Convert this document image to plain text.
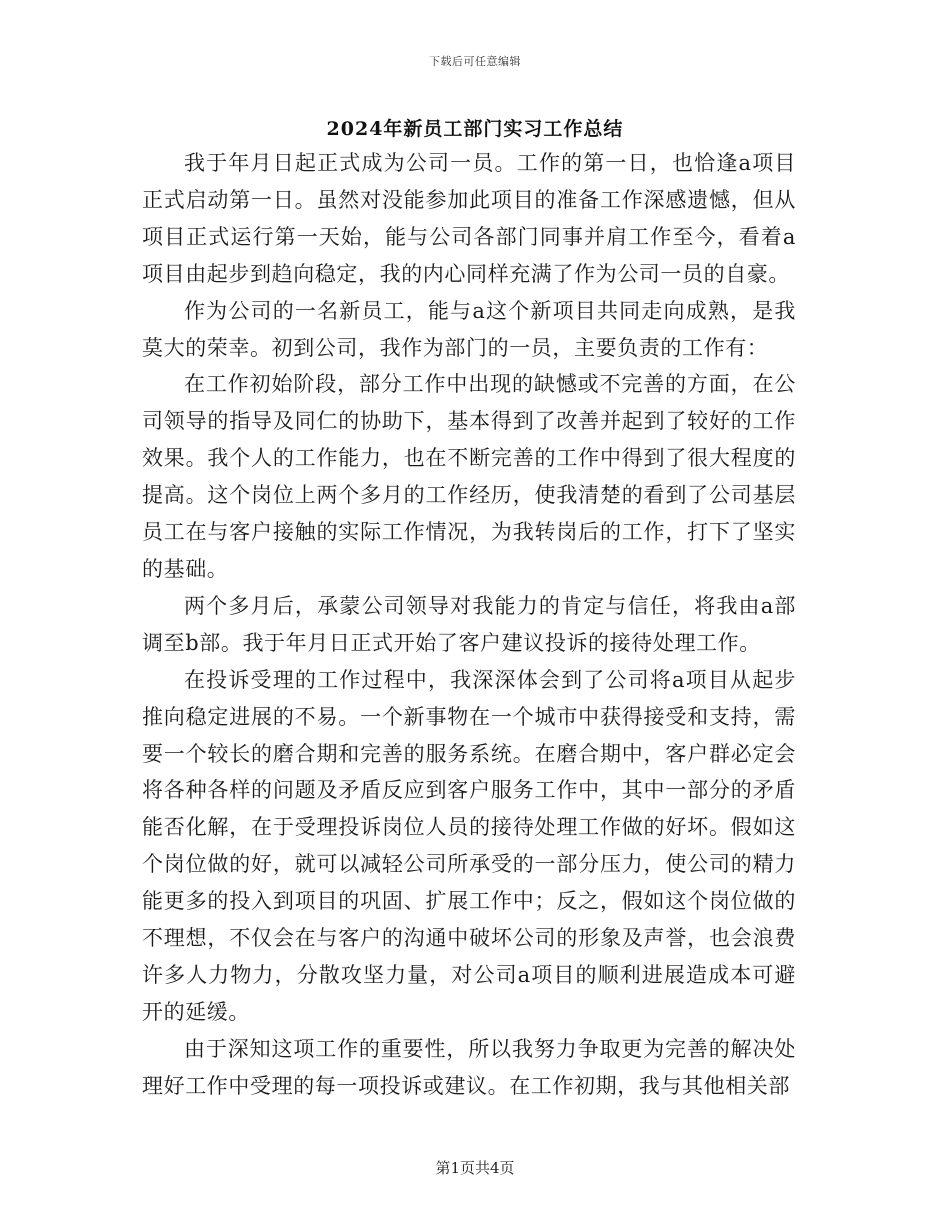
下载后可任意编辑
2024年新员工部门实习工作总结

我于年月日起正式成为公司一员。工作的第一日，也恰逢a项目正式启动第一日。虽然对没能参加此项目的准备工作深感遗憾，但从项目正式运行第一天始，能与公司各部门同事并肩工作至今，看着a项目由起步到趋向稳定，我的内心同样充满了作为公司一员的自豪。

作为公司的一名新员工，能与a这个新项目共同走向成熟，是我莫大的荣幸。初到公司，我作为部门的一员，主要负责的工作有：

在工作初始阶段，部分工作中出现的缺憾或不完善的方面，在公司领导的指导及同仁的协助下，基本得到了改善并起到了较好的工作效果。我个人的工作能力，也在不断完善的工作中得到了很大程度的提高。这个岗位上两个多月的工作经历，使我清楚的看到了公司基层员工在与客户接触的实际工作情况，为我转岗后的工作，打下了坚实的基础。

两个多月后，承蒙公司领导对我能力的肯定与信任，将我由a部调至b部。我于年月日正式开始了客户建议投诉的接待处理工作。

在投诉受理的工作过程中，我深深体会到了公司将a项目从起步推向稳定进展的不易。一个新事物在一个城市中获得接受和支持，需要一个较长的磨合期和完善的服务系统。在磨合期中，客户群必定会将各种各样的问题及矛盾反应到客户服务工作中，其中一部分的矛盾能否化解，在于受理投诉岗位人员的接待处理工作做的好坏。假如这个岗位做的好，就可以减轻公司所承受的一部分压力，使公司的精力能更多的投入到项目的巩固、扩展工作中；反之，假如这个岗位做的不理想，不仅会在与客户的沟通中破坏公司的形象及声誉，也会浪费许多人力物力，分散攻坚力量，对公司a项目的顺利进展造成本可避开的延缓。

由于深知这项工作的重要性，所以我努力争取更为完善的解决处理好工作中受理的每一项投诉或建议。在工作初期，我与其他相关部

第1页共4页
